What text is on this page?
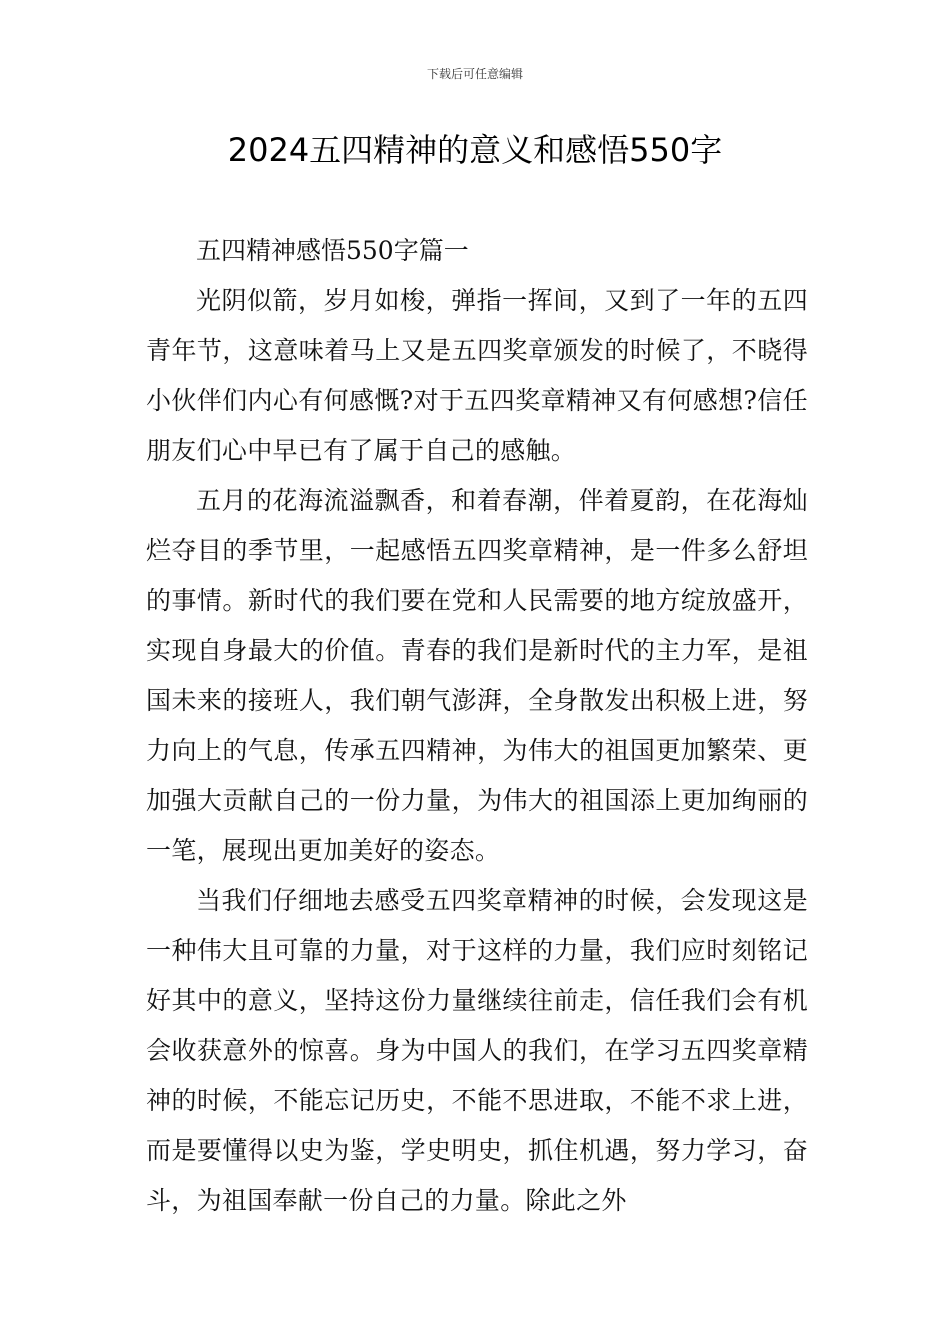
下载后可任意编辑
2024五四精神的意义和感悟550字

五四精神感悟550字篇一

光阴似箭，岁月如梭，弹指一挥间，又到了一年的五四青年节，这意味着马上又是五四奖章颁发的时候了，不晓得小伙伴们内心有何感慨?对于五四奖章精神又有何感想?信任朋友们心中早已有了属于自己的感触。

五月的花海流溢飘香，和着春潮，伴着夏韵，在花海灿烂夺目的季节里，一起感悟五四奖章精神，是一件多么舒坦的事情。新时代的我们要在党和人民需要的地方绽放盛开，实现自身最大的价值。青春的我们是新时代的主力军，是祖国未来的接班人，我们朝气澎湃，全身散发出积极上进，努力向上的气息，传承五四精神，为伟大的祖国更加繁荣、更加强大贡献自己的一份力量，为伟大的祖国添上更加绚丽的一笔，展现出更加美好的姿态。

当我们仔细地去感受五四奖章精神的时候，会发现这是一种伟大且可靠的力量，对于这样的力量，我们应时刻铭记好其中的意义，坚持这份力量继续往前走，信任我们会有机会收获意外的惊喜。身为中国人的我们，在学习五四奖章精神的时候，不能忘记历史，不能不思进取，不能不求上进，而是要懂得以史为鉴，学史明史，抓住机遇，努力学习，奋斗，为祖国奉献一份自己的力量。除此之外
